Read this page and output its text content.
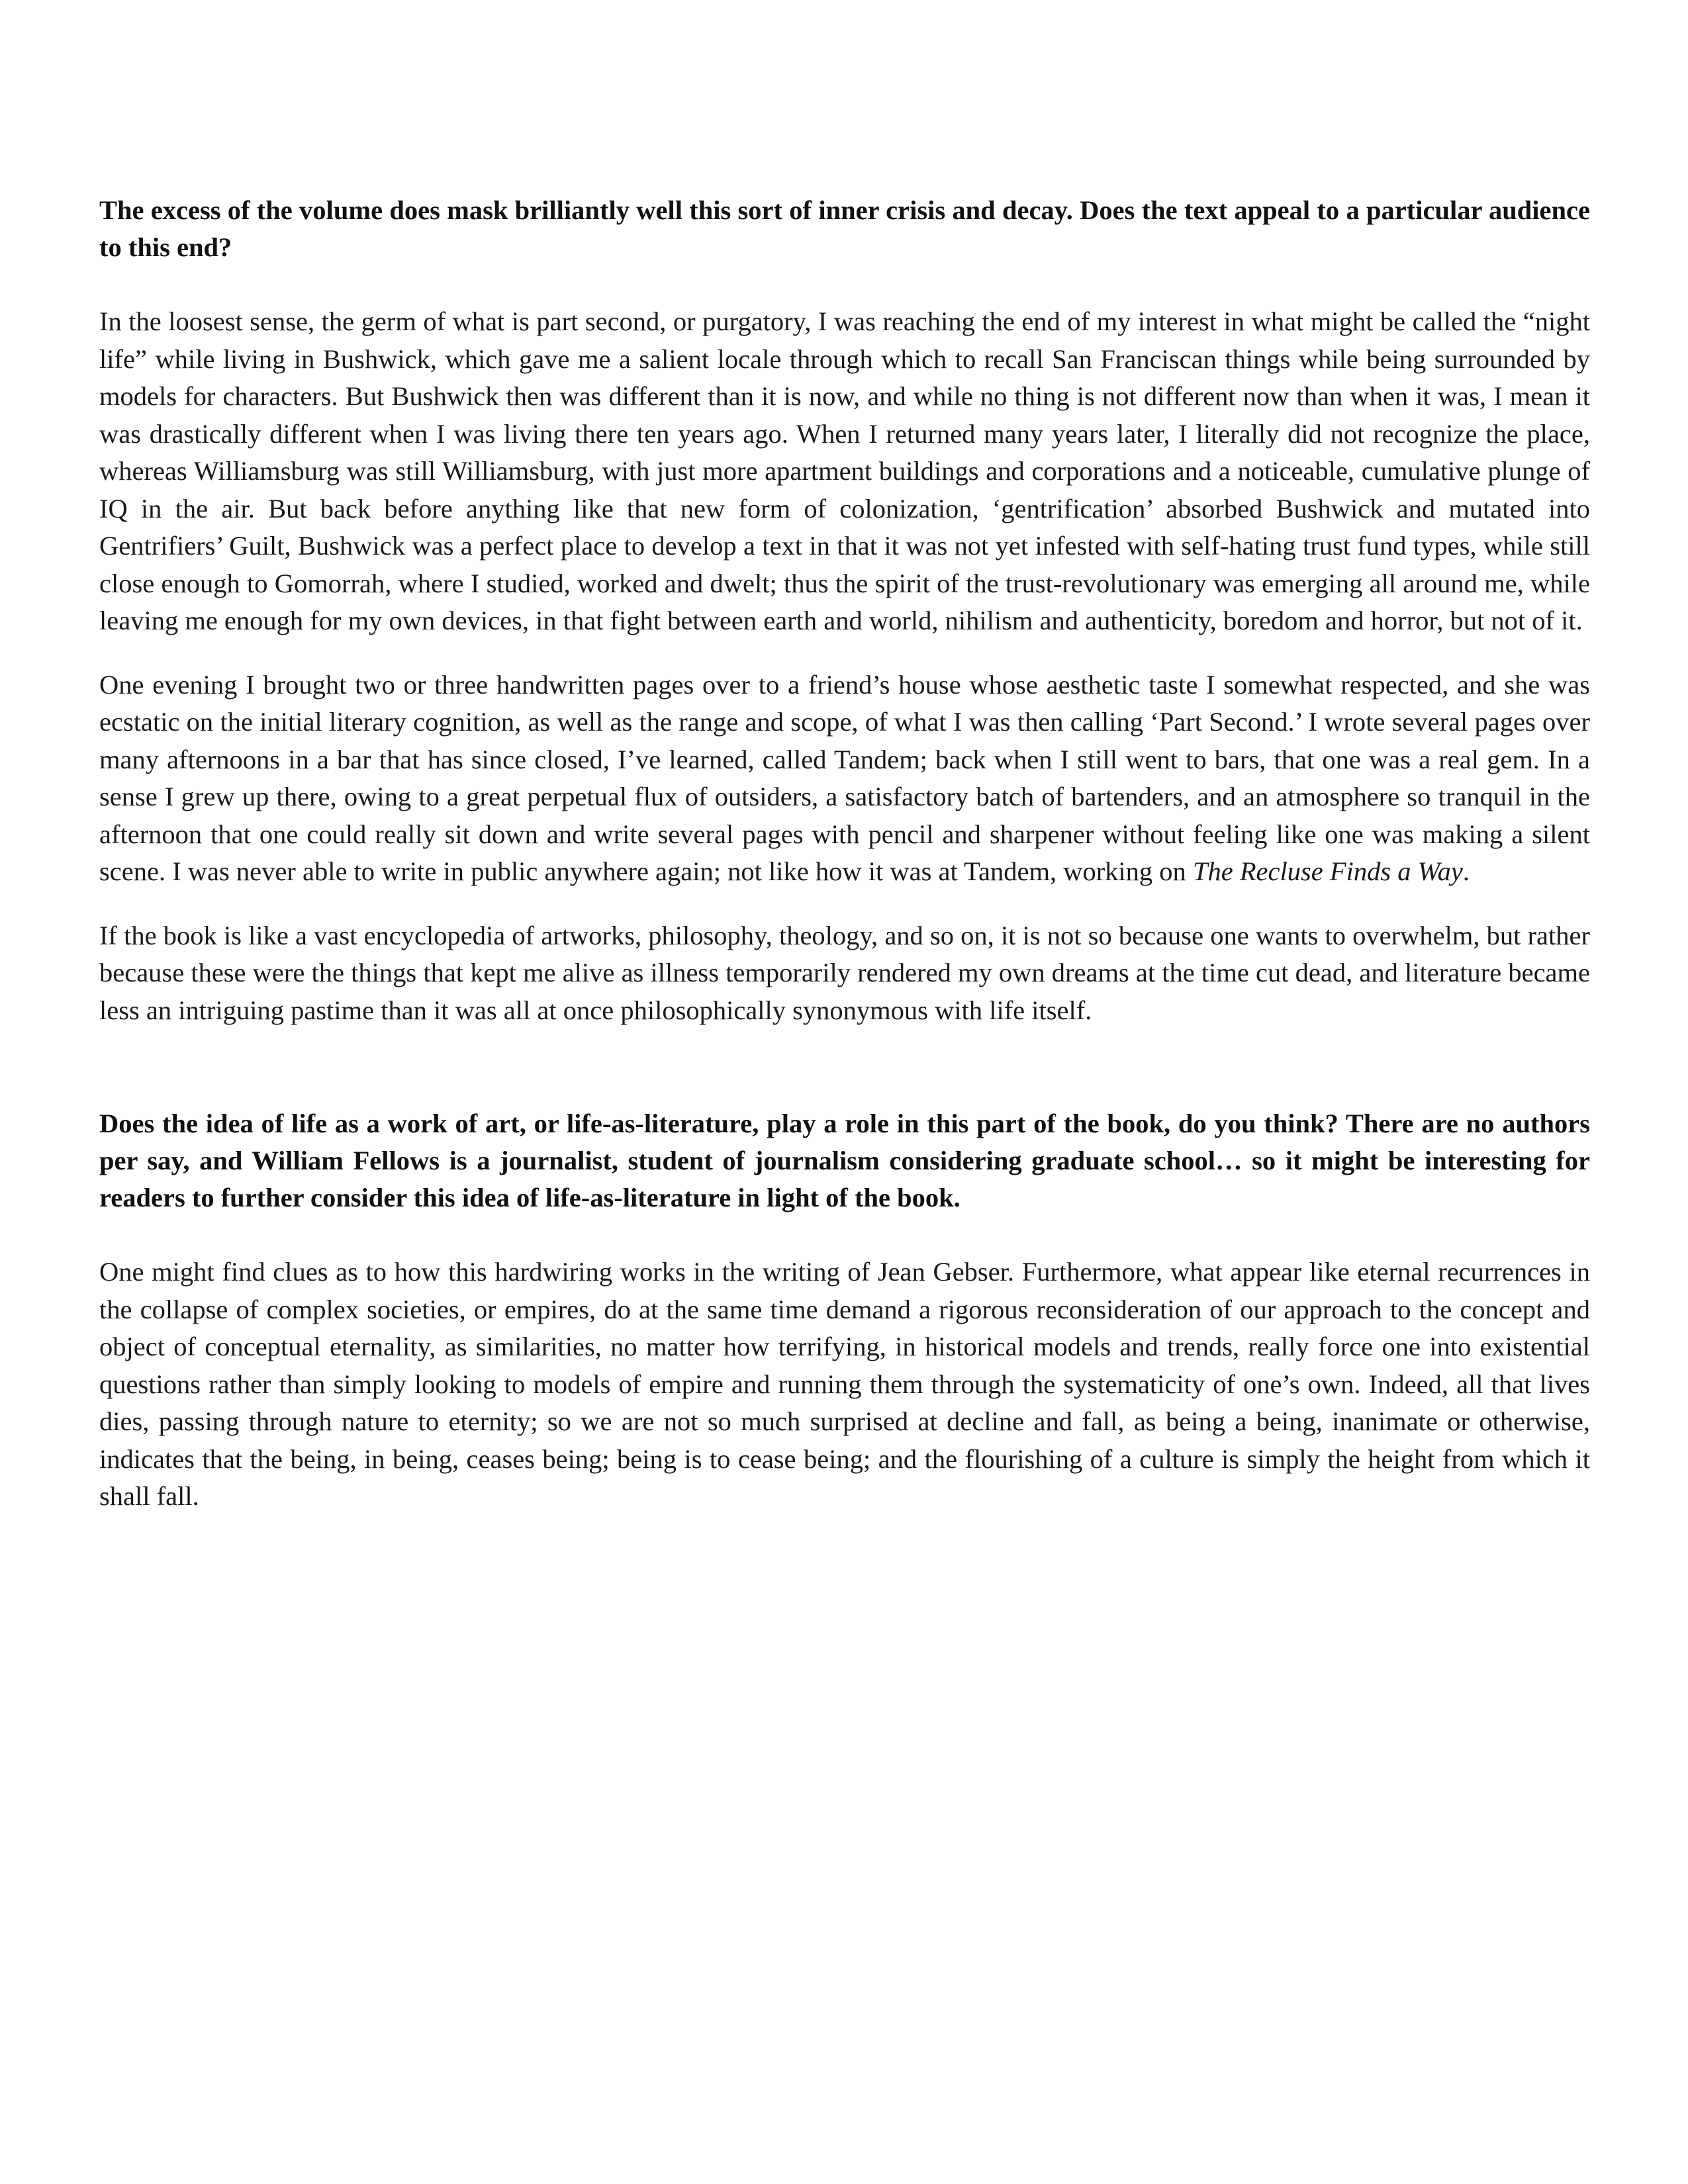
The excess of the volume does mask brilliantly well this sort of inner crisis and decay. Does the text appeal to a particular audience to this end?

In the loosest sense, the germ of what is part second, or purgatory, I was reaching the end of my interest in what might be called the “night life” while living in Bushwick, which gave me a salient locale through which to recall San Franciscan things while being surrounded by models for characters. But Bushwick then was different than it is now, and while no thing is not different now than when it was, I mean it was drastically different when I was living there ten years ago. When I returned many years later, I literally did not recognize the place, whereas Williamsburg was still Williamsburg, with just more apartment buildings and corporations and a noticeable, cumulative plunge of IQ in the air. But back before anything like that new form of colonization, ‘gentrification’ absorbed Bushwick and mutated into Gentrifiers’ Guilt, Bushwick was a perfect place to develop a text in that it was not yet infested with self-hating trust fund types, while still close enough to Gomorrah, where I studied, worked and dwelt; thus the spirit of the trust-revolutionary was emerging all around me, while leaving me enough for my own devices, in that fight between earth and world, nihilism and authenticity, boredom and horror, but not of it.

One evening I brought two or three handwritten pages over to a friend’s house whose aesthetic taste I somewhat respected, and she was ecstatic on the initial literary cognition, as well as the range and scope, of what I was then calling ‘Part Second.’ I wrote several pages over many afternoons in a bar that has since closed, I’ve learned, called Tandem; back when I still went to bars, that one was a real gem. In a sense I grew up there, owing to a great perpetual flux of outsiders, a satisfactory batch of bartenders, and an atmosphere so tranquil in the afternoon that one could really sit down and write several pages with pencil and sharpener without feeling like one was making a silent scene. I was never able to write in public anywhere again; not like how it was at Tandem, working on The Recluse Finds a Way.

If the book is like a vast encyclopedia of artworks, philosophy, theology, and so on, it is not so because one wants to overwhelm, but rather because these were the things that kept me alive as illness temporarily rendered my own dreams at the time cut dead, and literature became less an intriguing pastime than it was all at once philosophically synonymous with life itself.

Does the idea of life as a work of art, or life-as-literature, play a role in this part of the book, do you think? There are no authors per say, and William Fellows is a journalist, student of journalism considering graduate school… so it might be interesting for readers to further consider this idea of life-as-literature in light of the book.

One might find clues as to how this hardwiring works in the writing of Jean Gebser. Furthermore, what appear like eternal recurrences in the collapse of complex societies, or empires, do at the same time demand a rigorous reconsideration of our approach to the concept and object of conceptual eternality, as similarities, no matter how terrifying, in historical models and trends, really force one into existential questions rather than simply looking to models of empire and running them through the systematicity of one’s own. Indeed, all that lives dies, passing through nature to eternity; so we are not so much surprised at decline and fall, as being a being, inanimate or otherwise, indicates that the being, in being, ceases being; being is to cease being; and the flourishing of a culture is simply the height from which it shall fall.
